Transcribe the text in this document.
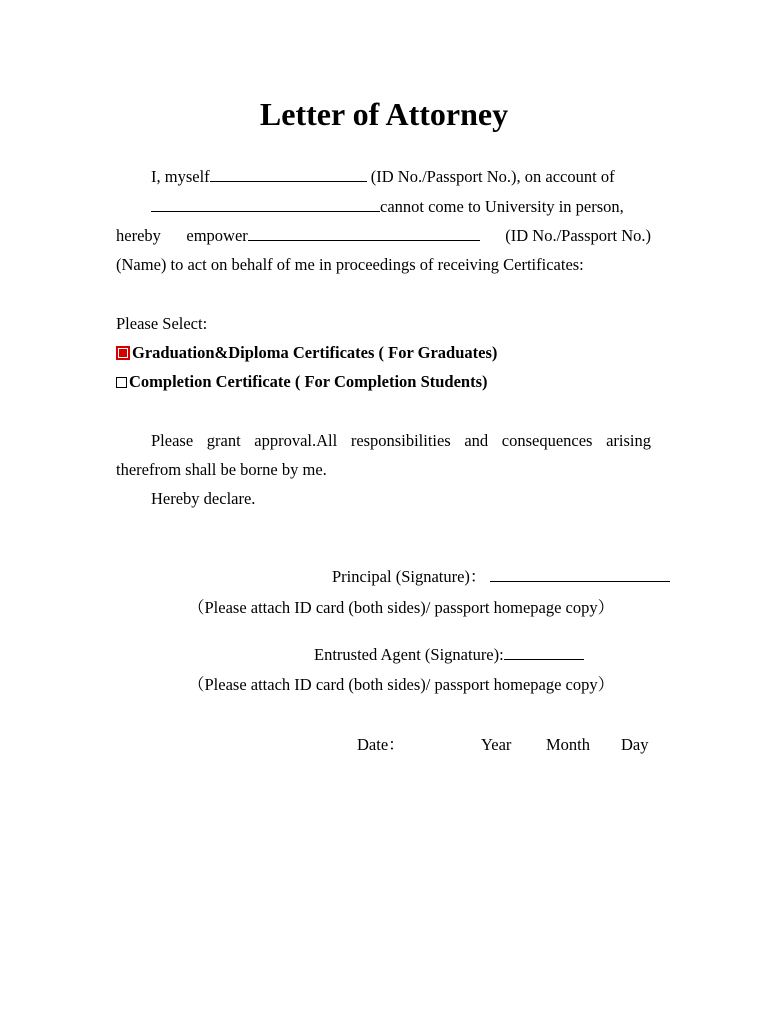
Letter of Attorney
I, myself	(ID No./Passport No.), on account of
cannot come to University in person,
hereby empower	(ID No./Passport No.)
(Name) to act on behalf of me in proceedings of receiving Certificates:
Please Select:
Graduation&Diploma Certificates ( For Graduates)
Completion Certificate ( For Completion Students)
Please grant approval.All responsibilities and consequences arising
therefrom shall be borne by me.
Hereby declare.
Principal (Signature)：
（Please attach ID card (both sides)/ passport homepage copy）
Entrusted Agent (Signature):
（Please attach ID card (both sides)/ passport homepage copy）
Date：	Year Month Day
